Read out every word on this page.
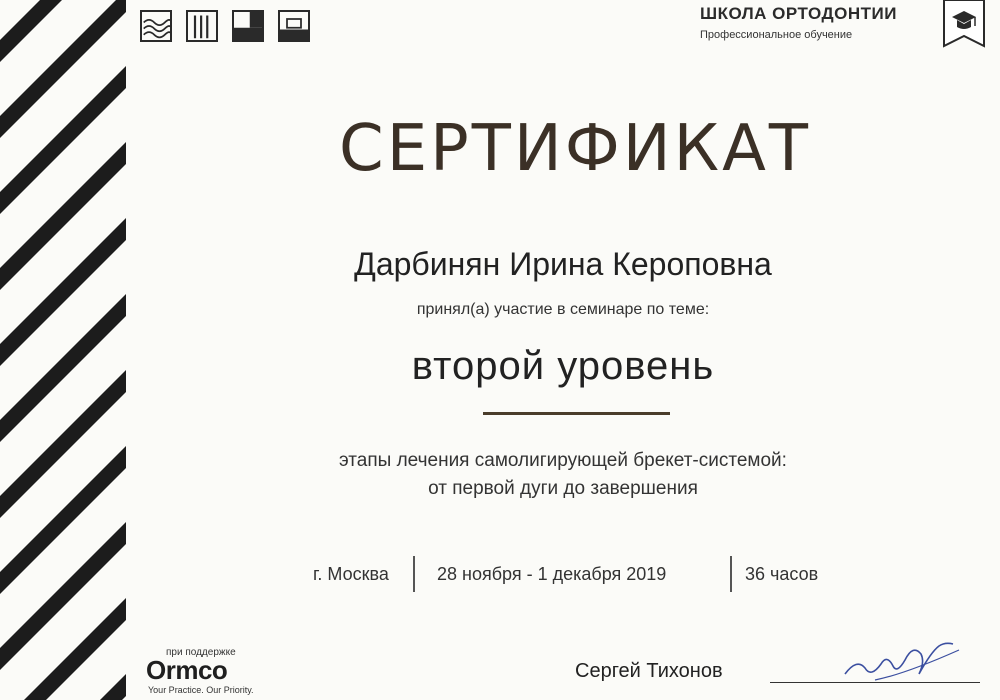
ШКОЛА ОРТОДОНТИИ
Профессиональное обучение
СЕРТИФИКАТ
Дарбинян Ирина Кероповна
принял(а) участие в семинаре по теме:
второй уровень
этапы лечения самолигирующей брекет-системой:
от первой дуги до завершения
г. Москва	28 ноября - 1 декабря 2019	36 часов
при поддержке
Ormco
Your Practice. Our Priority.
Сергей Тихонов
